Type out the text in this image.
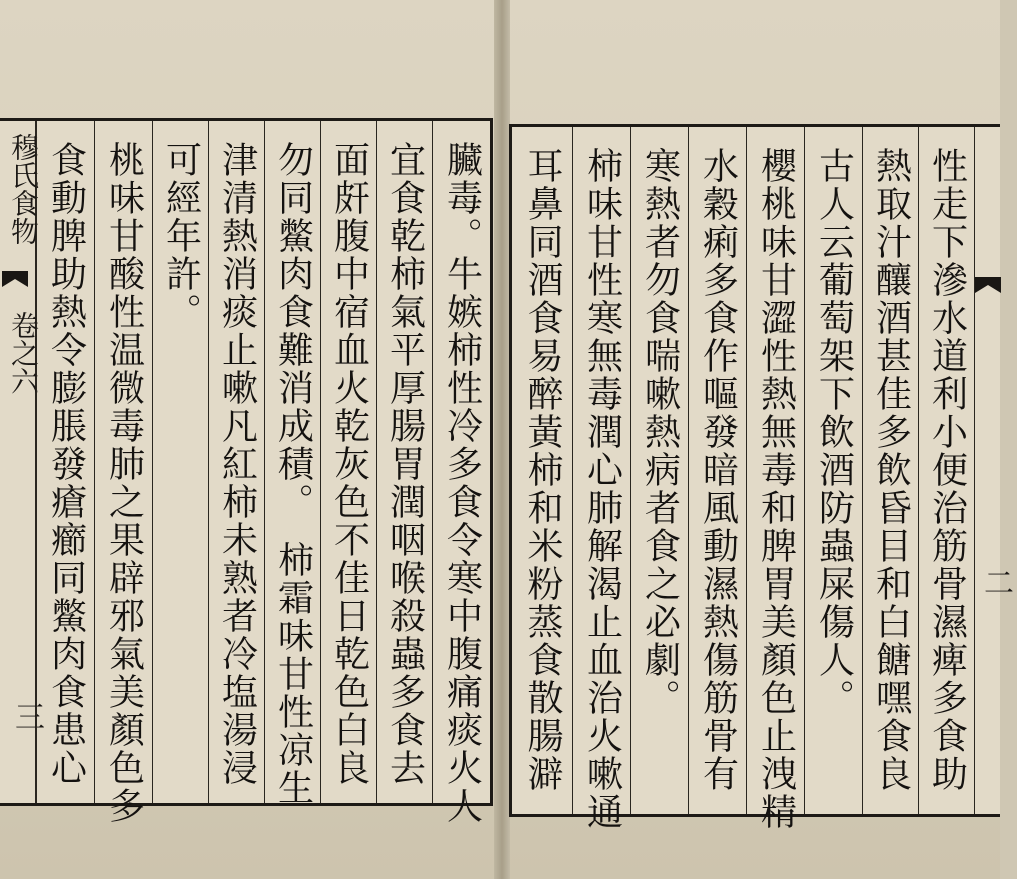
穆氏食物
卷之六
三	臟毒。牛嫉柿性冷多食令寒中腹痛痰火人
宜食乾柿氣平厚腸胃潤咽喉殺蟲多食去
面皯腹中宿血火乾灰色不佳日乾色白良
勿同鱉肉食難消成積。　柿霜味甘性凉生
津清熱消痰止嗽凡紅柿未熟者冷塩湯浸
可經年許。
桃味甘酸性温微毒肺之果辟邪氣美顏色多
食動脾助熱令膨脹發瘡癤同鱉肉食患心	性走下滲水道利小便治筋骨濕痺多食助
熱取汁釀酒甚佳多飲昏目和白餹嘿食良
古人云葡萄架下飲酒防蟲屎傷人。
櫻桃味甘澀性熱無毒和脾胃美顏色止洩精
水穀痢多食作嘔發暗風動濕熱傷筋骨有
寒熱者勿食喘嗽熱病者食之必劇。
柿味甘性寒無毒潤心肺解渴止血治火嗽通
耳鼻同酒食易醉黃柿和米粉蒸食散腸澼	二
